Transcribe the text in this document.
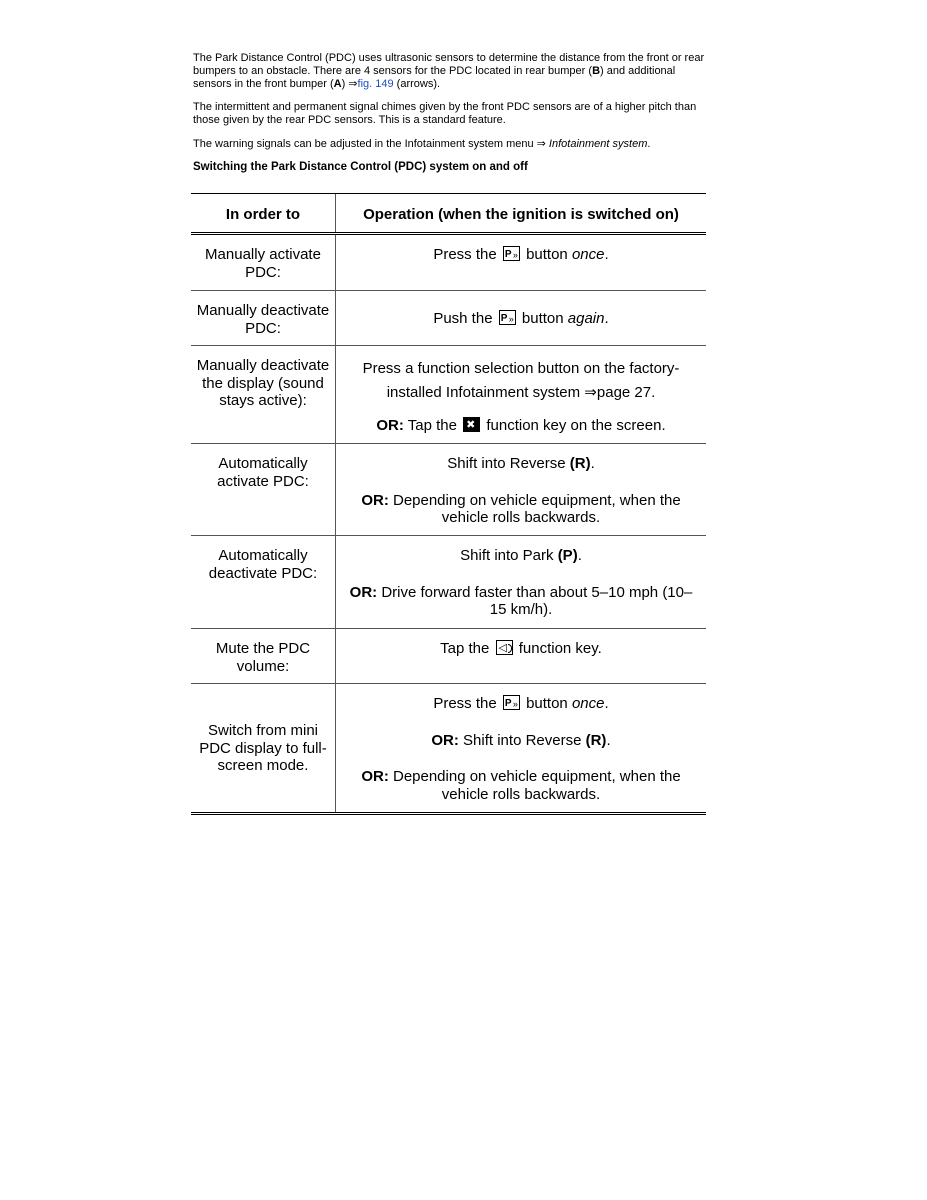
The Park Distance Control (PDC) uses ultrasonic sensors to determine the distance from the front or rear bumpers to an obstacle. There are 4 sensors for the PDC located in rear bumper (B) and additional sensors in the front bumper (A) ⇒fig. 149 (arrows).

The intermittent and permanent signal chimes given by the front PDC sensors are of a higher pitch than those given by the rear PDC sensors. This is a standard feature.

The warning signals can be adjusted in the Infotainment system menu ⇒ Infotainment system.

Switching the Park Distance Control (PDC) system on and off

In order to	Operation (when the ignition is switched on)
Manually activate PDC:
Press the » P button once.
Manually deactivate PDC:
Push the » P button again.
Manually deactivate the display (sound stays active):

Press a function selection button on the factory-installed Infotainment system ⇒page 27.

OR: Tap the ✖ function key on the screen.

Automatically activate PDC:

Shift into Reverse (R).

OR: Depending on vehicle equipment, when the vehicle rolls backwards.

Automatically deactivate PDC:

Shift into Park (P).

OR: Drive forward faster than about 5–10 mph (10–15 km/h).

Mute the PDC volume:
Tap the ◁ function key.
Switch from mini PDC display to full-screen mode.

Press the » P button once.

OR: Shift into Reverse (R).

OR: Depending on vehicle equipment, when the vehicle rolls backwards.
